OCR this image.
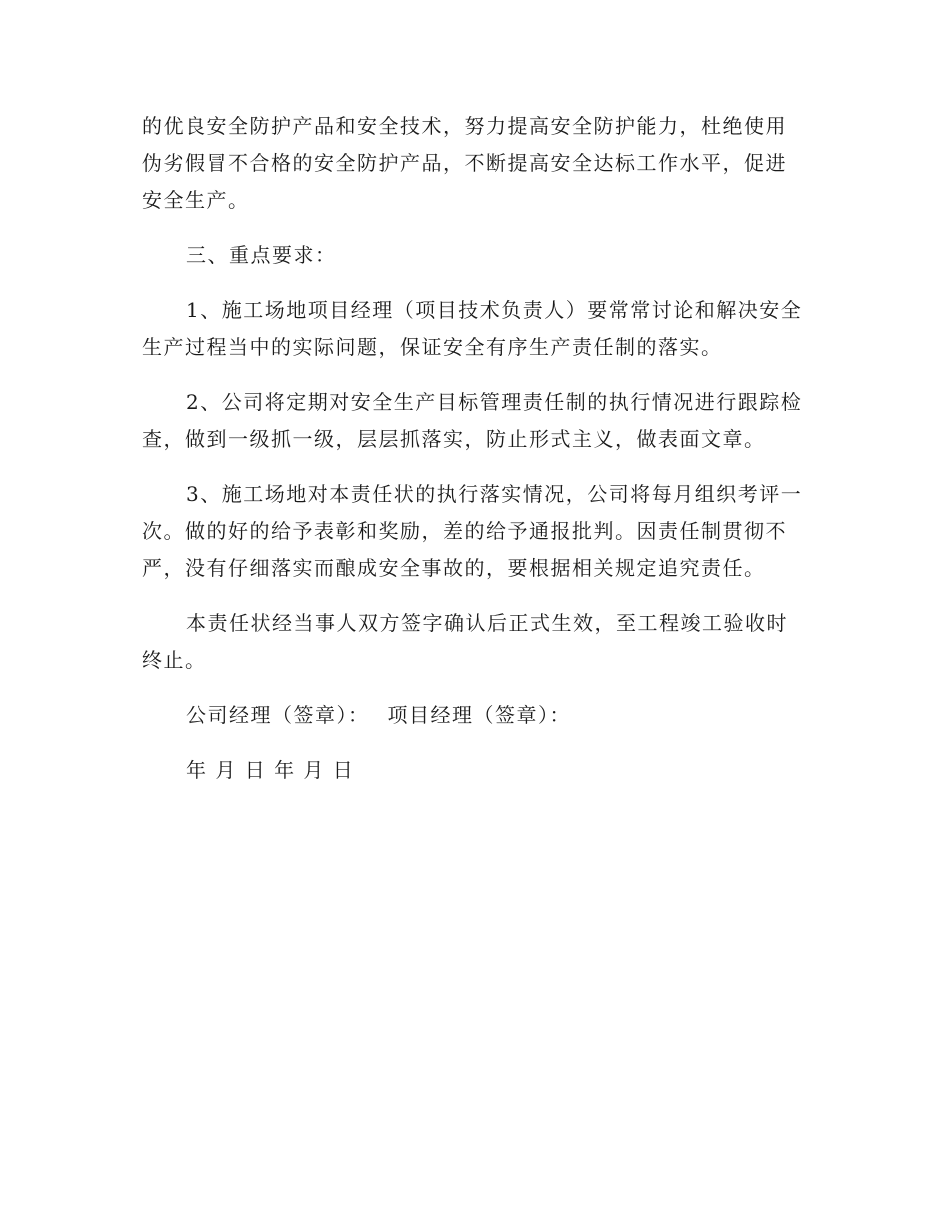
的优良安全防护产品和安全技术，努力提高安全防护能力，杜绝使用
伪劣假冒不合格的安全防护产品，不断提高安全达标工作水平，促进
安全生产。

三、重点要求：

1、施工场地项目经理（项目技术负责人）要常常讨论和解决安全
生产过程当中的实际问题，保证安全有序生产责任制的落实。

2、公司将定期对安全生产目标管理责任制的执行情况进行跟踪检
查，做到一级抓一级，层层抓落实，防止形式主义，做表面文章。

3、施工场地对本责任状的执行落实情况，公司将每月组织考评一
次。做的好的给予表彰和奖励，差的给予通报批判。因责任制贯彻不
严，没有仔细落实而酿成安全事故的，要根据相关规定追究责任。

本责任状经当事人双方签字确认后正式生效，至工程竣工验收时
终止。

公司经理（签章）： 项目经理（签章）：
年 月 日 年 月 日
